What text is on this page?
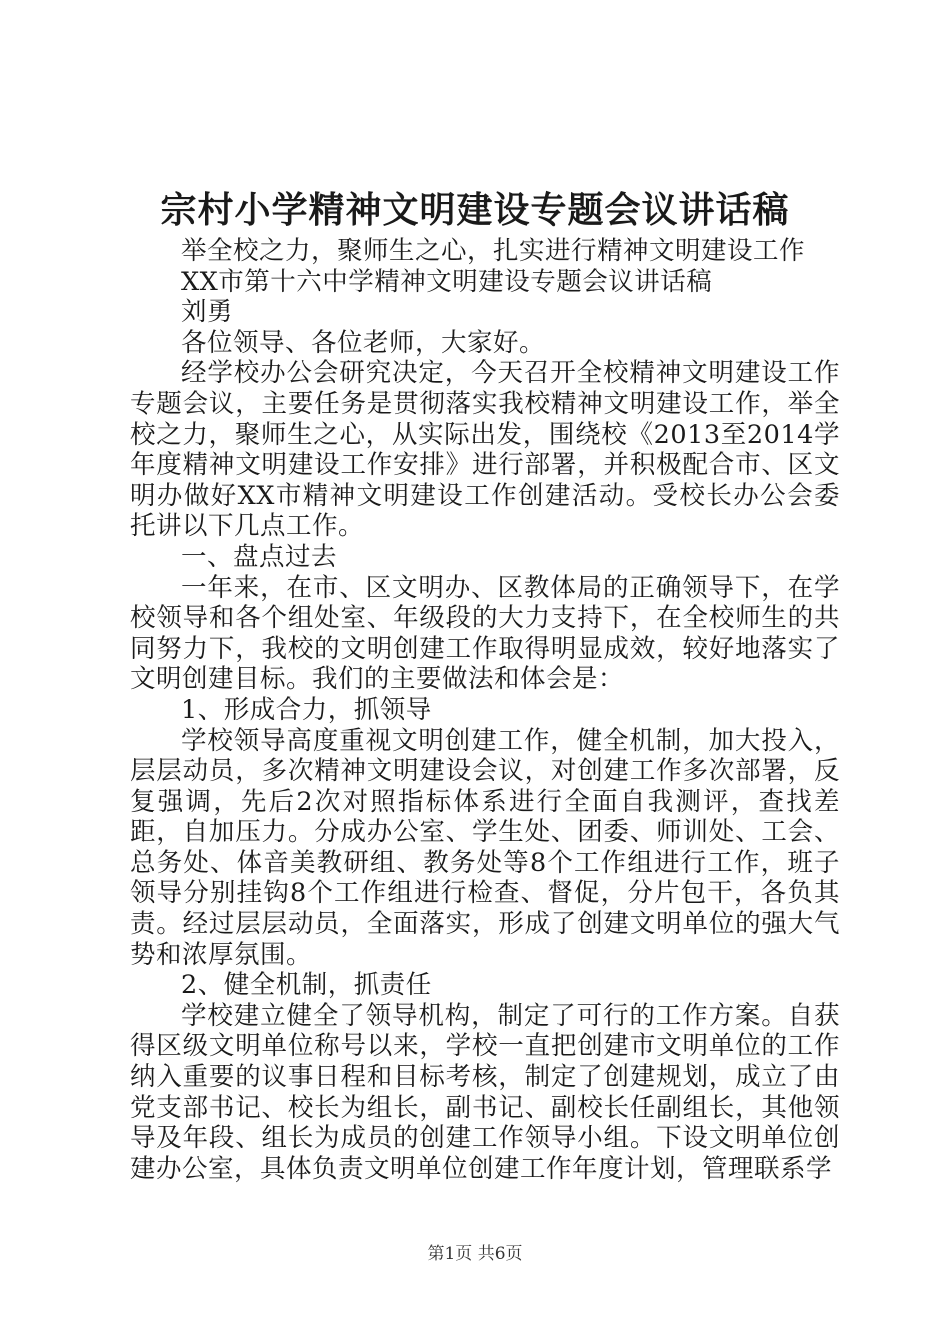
宗村小学精神文明建设专题会议讲话稿

举全校之力，聚师生之心，扎实进行精神文明建设工作

XX市第十六中学精神文明建设专题会议讲话稿

刘勇

各位领导、各位老师，大家好。

经学校办公会研究决定，今天召开全校精神文明建设工作专题会议，主要任务是贯彻落实我校精神文明建设工作，举全校之力，聚师生之心，从实际出发，围绕校《2013至2014学年度精神文明建设工作安排》进行部署，并积极配合市、区文明办做好XX市精神文明建设工作创建活动。受校长办公会委托讲以下几点工作。

一、盘点过去

一年来，在市、区文明办、区教体局的正确领导下，在学校领导和各个组处室、年级段的大力支持下，在全校师生的共同努力下，我校的文明创建工作取得明显成效，较好地落实了文明创建目标。我们的主要做法和体会是：

1、形成合力，抓领导

学校领导高度重视文明创建工作，健全机制，加大投入，层层动员，多次精神文明建设会议，对创建工作多次部署，反复强调，先后2次对照指标体系进行全面自我测评，查找差距，自加压力。分成办公室、学生处、团委、师训处、工会、总务处、体音美教研组、教务处等8个工作组进行工作，班子领导分别挂钩8个工作组进行检查、督促，分片包干，各负其责。经过层层动员，全面落实，形成了创建文明单位的强大气势和浓厚氛围。

2、健全机制，抓责任

学校建立健全了领导机构，制定了可行的工作方案。自获得区级文明单位称号以来，学校一直把创建市文明单位的工作纳入重要的议事日程和目标考核，制定了创建规划，成立了由党支部书记、校长为组长，副书记、副校长任副组长，其他领导及年段、组长为成员的创建工作领导小组。下设文明单位创建办公室，具体负责文明单位创建工作年度计划，管理联系学

第1页 共6页
